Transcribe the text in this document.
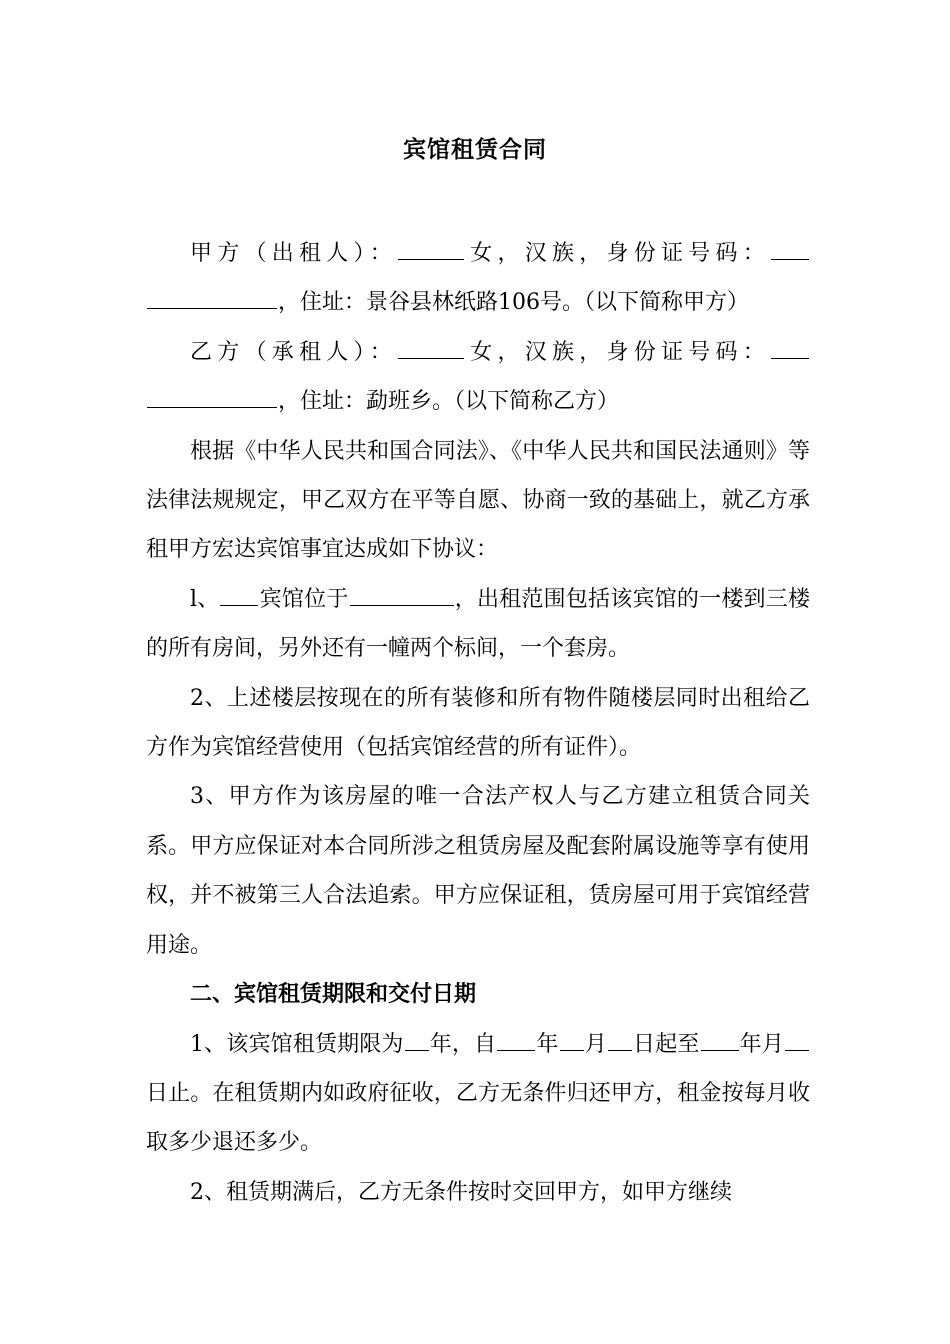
宾馆租赁合同

甲方（出租人）：	女，汉族，身份证号码：，住址：景谷县林纸路106号。（以下简称甲方）

乙方（承租人）：	女，汉族，身份证号码：，住址：勐班乡。（以下简称乙方）

根据《中华人民共和国合同法》、《中华人民共和国民法通则》等法律法规规定，甲乙双方在平等自愿、协商一致的基础上，就乙方承租甲方宏达宾馆事宜达成如下协议：

l、 宾馆位于	，出租范围包括该宾馆的一楼到三楼的所有房间，另外还有一幢两个标间，一个套房。

2、上述楼层按现在的所有装修和所有物件随楼层同时出租给乙方作为宾馆经营使用（包括宾馆经营的所有证件）。

3、甲方作为该房屋的唯一合法产权人与乙方建立租赁合同关系。甲方应保证对本合同所涉之租赁房屋及配套附属设施等享有使用权，并不被第三人合法追索。甲方应保证租，赁房屋可用于宾馆经营用途。

二、宾馆租赁期限和交付日期

1、该宾馆租赁期限为 年，自 年 月 日起至 年月日止。在租赁期内如政府征收，乙方无条件归还甲方，租金按每月收取多少退还多少。

2、租赁期满后，乙方无条件按时交回甲方，如甲方继续
